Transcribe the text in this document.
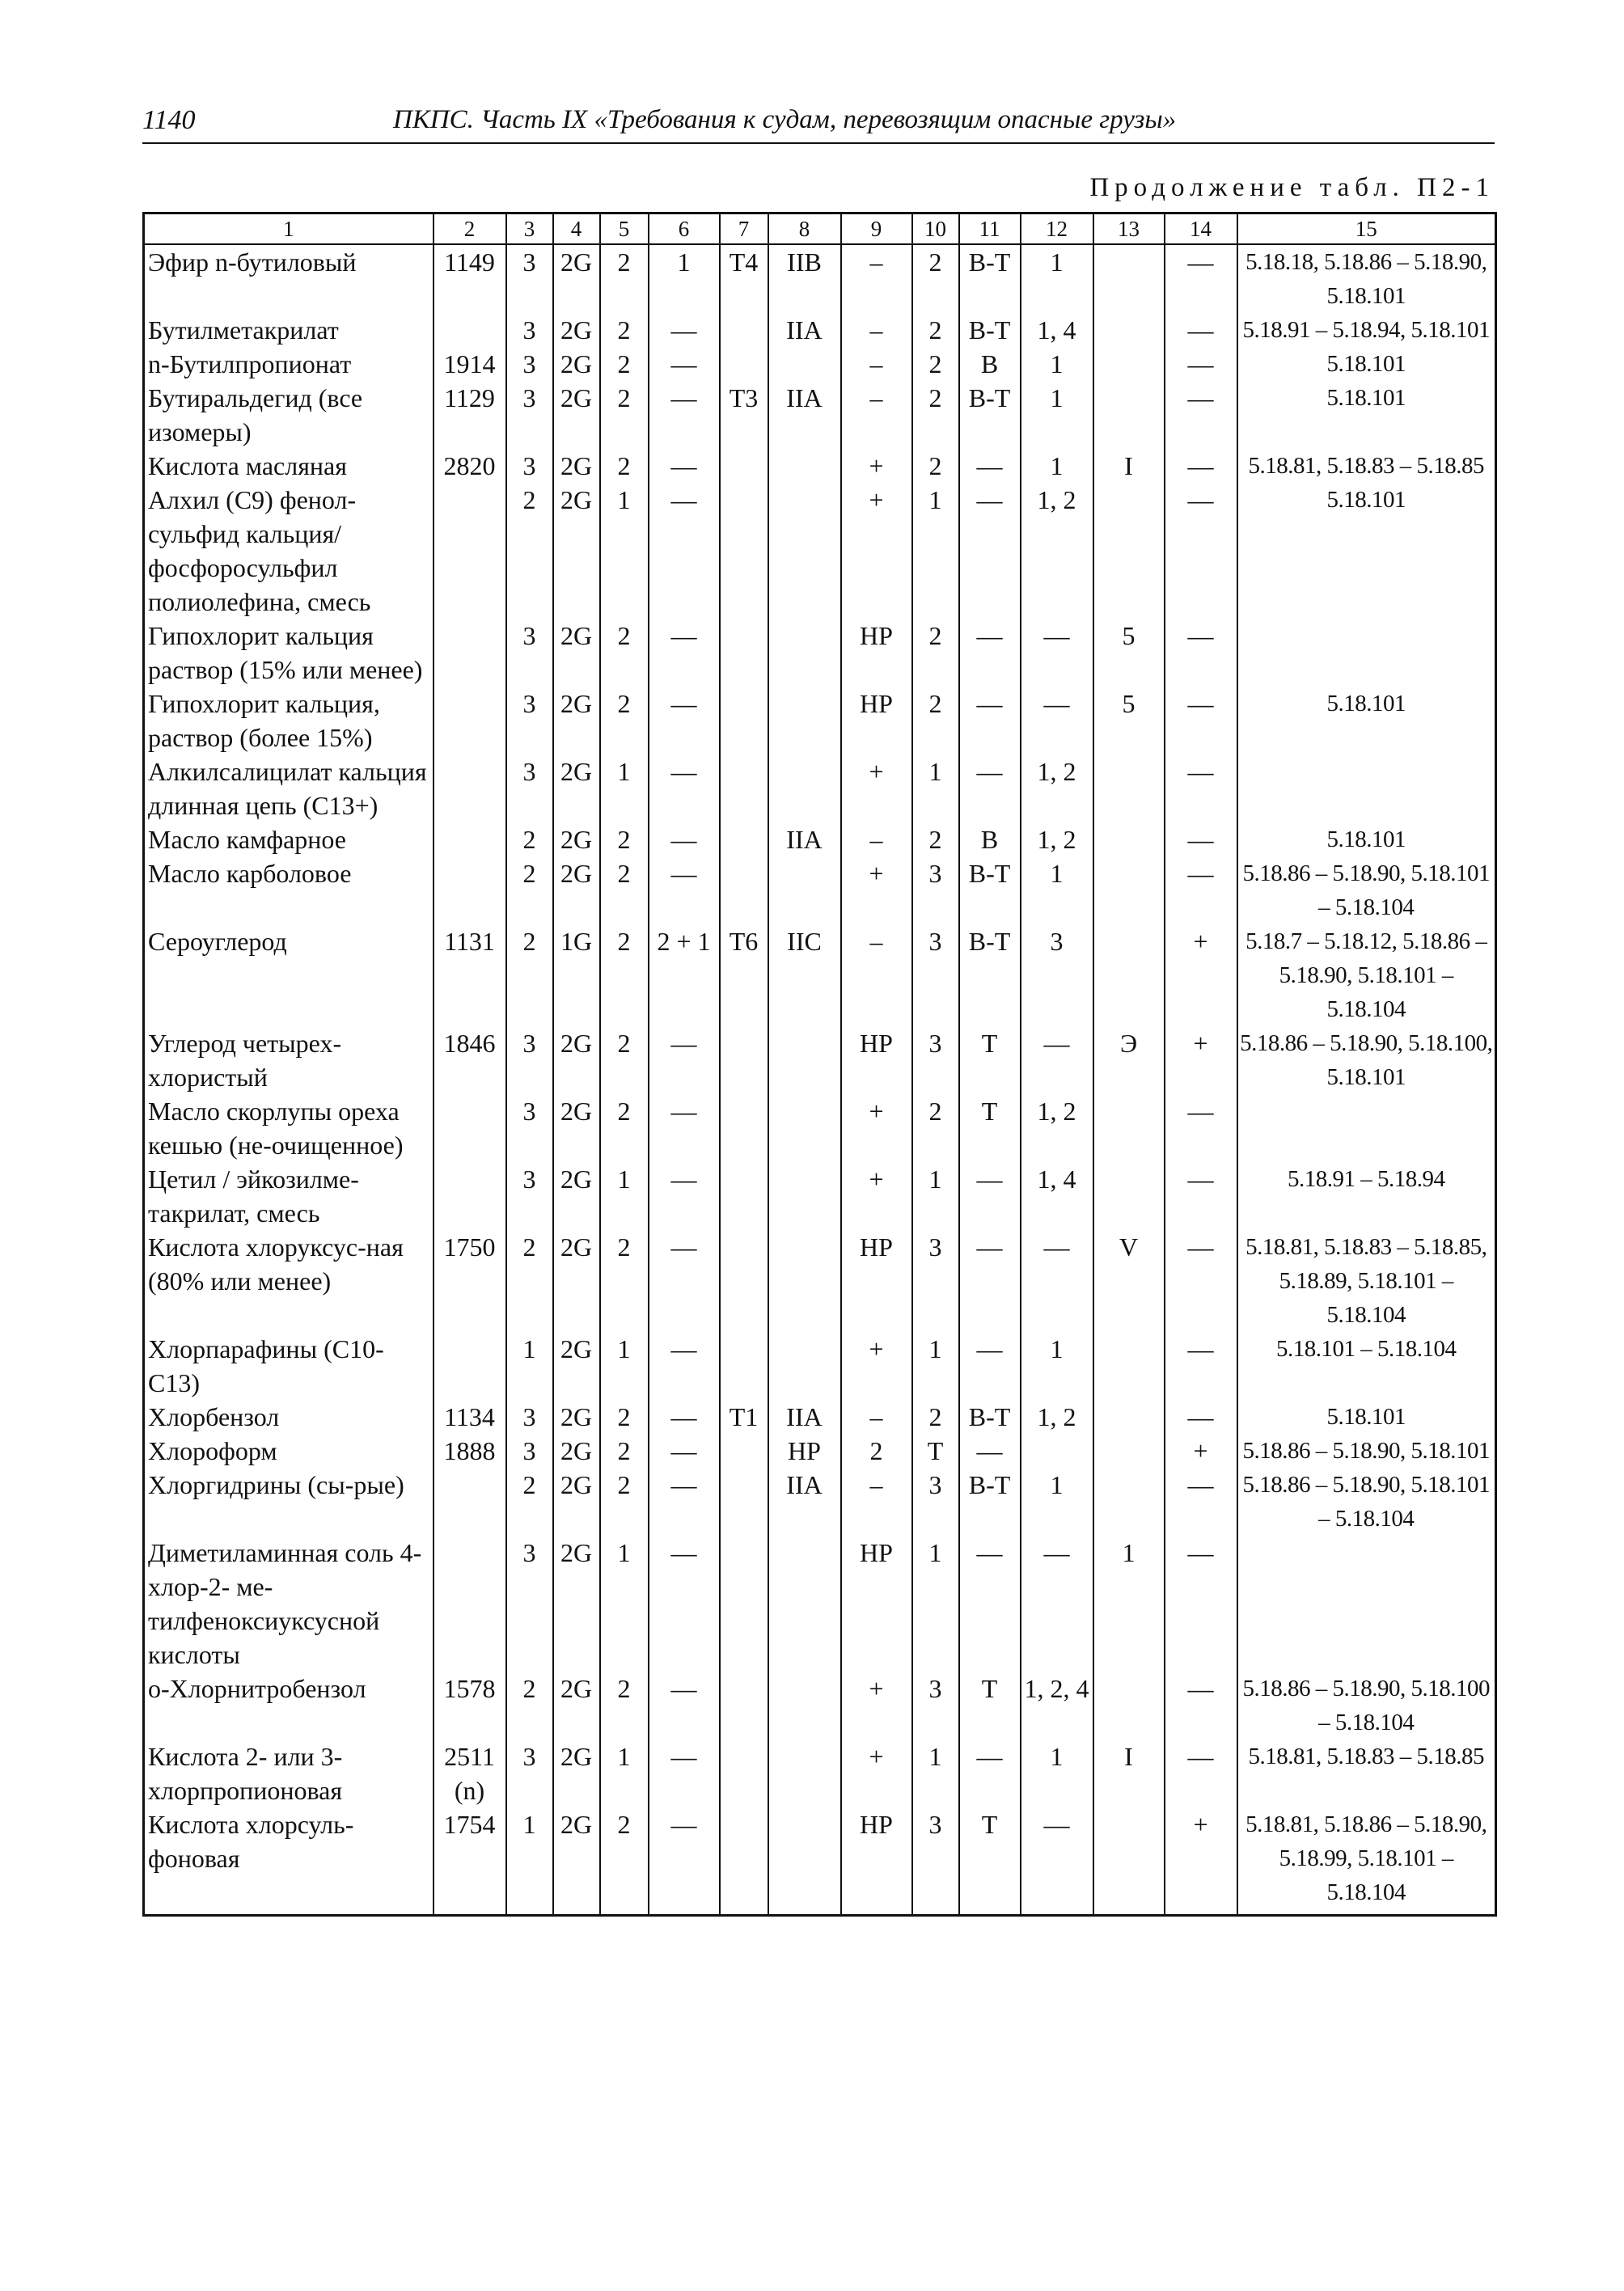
1140	ПКПС. Часть IX «Требования к судам, перевозящим опасные грузы»
Продолжение табл. П2-1
1	2	3	4	5	6	7	8	9	10	11	12	13	14	15
Эфир n-бутиловый	1149	3	2G	2	1	T4	IIB	–	2	В-Т	1		—	5.18.18, 5.18.86 – 5.18.90, 5.18.101
Бутилметакрилат		3	2G	2	—		IIA	–	2	В-Т	1, 4		—	5.18.91 – 5.18.94, 5.18.101
n-Бутилпропионат	1914	3	2G	2	—			–	2	В	1		—	5.18.101
Бутиральдегид (все изомеры)	1129	3	2G	2	—	T3	IIA	–	2	В-Т	1		—	5.18.101
Кислота масляная	2820	3	2G	2	—			+	2	—	1	I	—	5.18.81, 5.18.83 – 5.18.85
Алхил (С9) фенол-сульфид кальция/ фосфоросульфил полиолефина, смесь		2	2G	1	—			+	1	—	1, 2		—	5.18.101
Гипохлорит кальция раствор (15% или менее)		3	2G	2	—			НР	2	—	—	5	—	
Гипохлорит кальция, раствор (более 15%)		3	2G	2	—			НР	2	—	—	5	—	5.18.101
Алкилсалицилат кальция длинная цепь (С13+)		3	2G	1	—			+	1	—	1, 2		—	
Масло камфарное		2	2G	2	—		IIA	–	2	В	1, 2		—	5.18.101
Масло карболовое		2	2G	2	—			+	3	В-Т	1		—	5.18.86 – 5.18.90, 5.18.101 – 5.18.104
Сероуглерод	1131	2	1G	2	2 + 1	T6	IIC	–	3	В-Т	3		+	5.18.7 – 5.18.12, 5.18.86 – 5.18.90, 5.18.101 – 5.18.104
Углерод четырех-хлористый	1846	3	2G	2	—			НР	3	Т	—	Э	+	5.18.86 – 5.18.90, 5.18.100, 5.18.101
Масло скорлупы ореха кешью (не-очищенное)		3	2G	2	—			+	2	Т	1, 2		—	
Цетил / эйкозилме-такрилат, смесь		3	2G	1	—			+	1	—	1, 4		—	5.18.91 – 5.18.94
Кислота хлоруксус-ная (80% или менее)	1750	2	2G	2	—			НР	3	—	—	V	—	5.18.81, 5.18.83 – 5.18.85, 5.18.89, 5.18.101 – 5.18.104
Хлорпарафины (С10-С13)		1	2G	1	—			+	1	—	1		—	5.18.101 – 5.18.104
Хлорбензол	1134	3	2G	2	—	T1	IIA	–	2	В-Т	1, 2		—	5.18.101
Хлороформ	1888	3	2G	2	—		НР	2	Т	—			+	5.18.86 – 5.18.90, 5.18.101
Хлоргидрины (сы-рые)		2	2G	2	—		IIA	–	3	В-Т	1		—	5.18.86 – 5.18.90, 5.18.101 – 5.18.104
Диметиламинная соль 4-хлор-2- ме-тилфеноксиуксусной кислоты		3	2G	1	—			НР	1	—	—	1	—	
о-Хлорнитробензол	1578	2	2G	2	—			+	3	Т	1, 2, 4		—	5.18.86 – 5.18.90, 5.18.100 – 5.18.104
Кислота 2- или 3-хлорпропионовая	2511 (n)	3	2G	1	—			+	1	—	1	I	—	5.18.81, 5.18.83 – 5.18.85
Кислота хлорсуль-фоновая	1754	1	2G	2	—			НР	3	Т	—		+	5.18.81, 5.18.86 – 5.18.90, 5.18.99, 5.18.101 – 5.18.104
